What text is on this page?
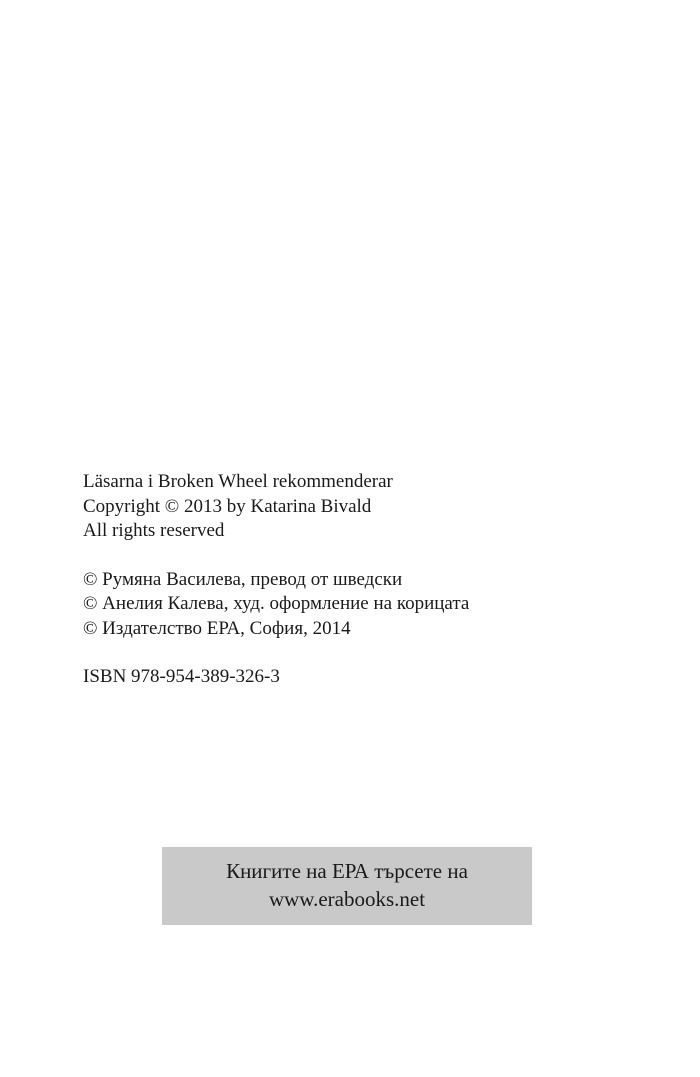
Läsarna i Broken Wheel rekommenderar
Copyright © 2013 by Katarina Bivald
All rights reserved
© Румяна Василева, превод от шведски
© Анелия Калева, худ. оформление на корицата
© Издателство ЕРА, София, 2014
ISBN 978-954-389-326-3
Книгите на ЕРА търсете на
www.erabooks.net
